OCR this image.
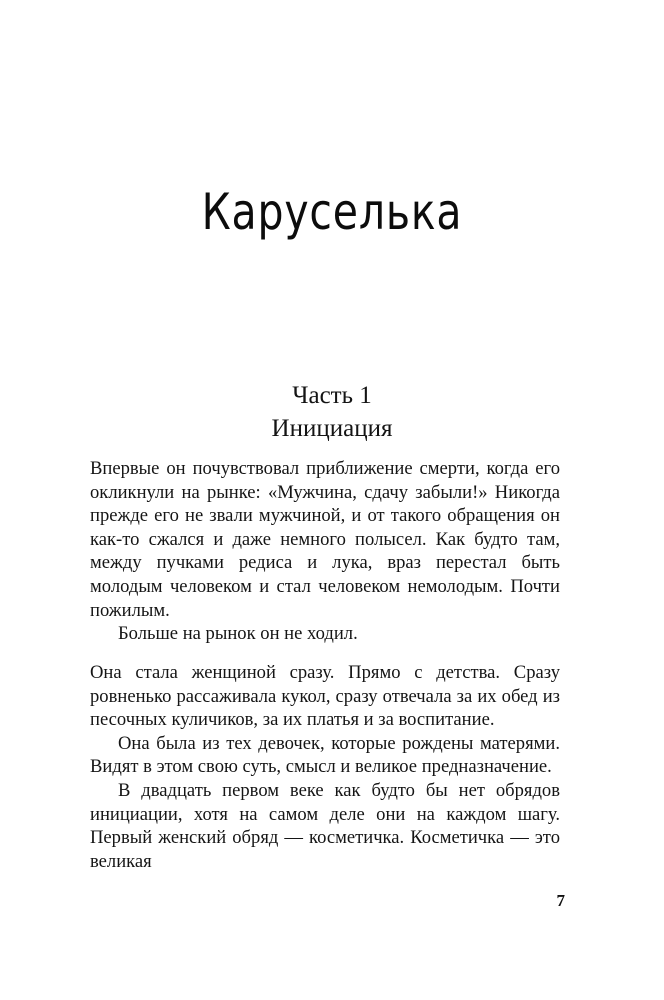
Каруселька
Часть 1
Инициация

Впервые он почувствовал приближение смерти, когда его окликнули на рынке: «Мужчина, сдачу забыли!» Никогда прежде его не звали мужчиной, и от такого обращения он как-то сжался и даже немного полысел. Как будто там, между пучками редиса и лука, враз перестал быть молодым человеком и стал человеком немолодым. Почти пожилым.

Больше на рынок он не ходил.

Она стала женщиной сразу. Прямо с детства. Сразу ровненько рассаживала кукол, сразу отвечала за их обед из песочных куличиков, за их платья и за воспитание.

Она была из тех девочек, которые рождены матерями. Видят в этом свою суть, смысл и великое предназначение.

В двадцать первом веке как будто бы нет обрядов инициации, хотя на самом деле они на каждом шагу. Первый женский обряд — косметичка. Косметичка — это великая

7
